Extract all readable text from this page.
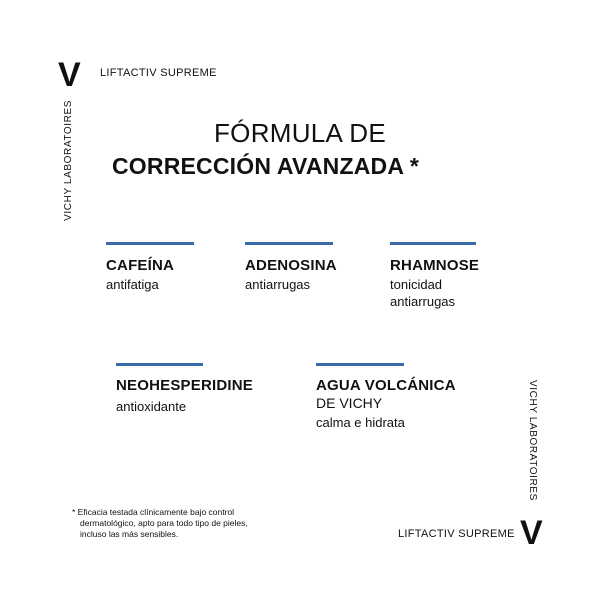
V LIFTACTIV SUPREME
VICHY LABORATOIRES	FÓRMULA DE
CORRECCIÓN AVANZADA *
CAFEÍNA
antifatiga
ADENOSINA
antiarrugas
RHAMNOSE
tonicidad
antiarrugas
NEOHESPERIDINE
antioxidante
AGUA VOLCÁNICA
DE VICHY
calma e hidrata
* Eficacia testada clínicamente bajo control
dermatológico, apto para todo tipo de pieles,
incluso las más sensibles.
VICHY LABORATOIRES
LIFTACTIV SUPREME V
